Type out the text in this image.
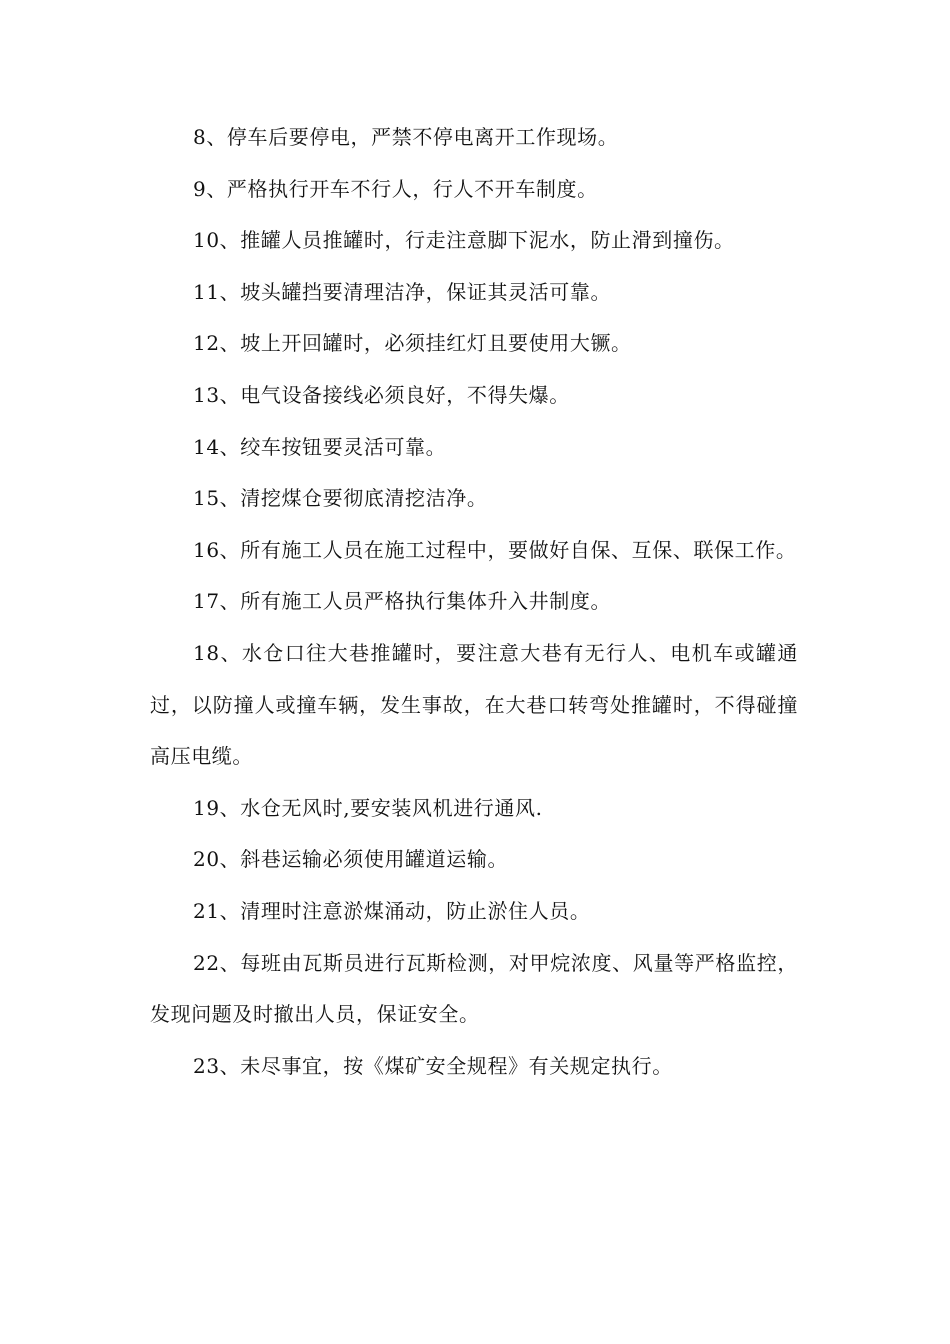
8、停车后要停电，严禁不停电离开工作现场。

9、严格执行开车不行人，行人不开车制度。

10、推罐人员推罐时，行走注意脚下泥水，防止滑到撞伤。

11、坡头罐挡要清理洁净，保证其灵活可靠。

12、坡上开回罐时，必须挂红灯且要使用大镢。

13、电气设备接线必须良好，不得失爆。

14、绞车按钮要灵活可靠。

15、清挖煤仓要彻底清挖洁净。

16、所有施工人员在施工过程中，要做好自保、互保、联保工作。

17、所有施工人员严格执行集体升入井制度。

18、水仓口往大巷推罐时，要注意大巷有无行人、电机车或罐通过，以防撞人或撞车辆，发生事故，在大巷口转弯处推罐时，不得碰撞高压电缆。

19、水仓无风时,要安装风机进行通风.

20、斜巷运输必须使用罐道运输。

21、清理时注意淤煤涌动，防止淤住人员。

22、每班由瓦斯员进行瓦斯检测，对甲烷浓度、风量等严格监控，发现问题及时撤出人员，保证安全。

23、未尽事宜，按《煤矿安全规程》有关规定执行。
